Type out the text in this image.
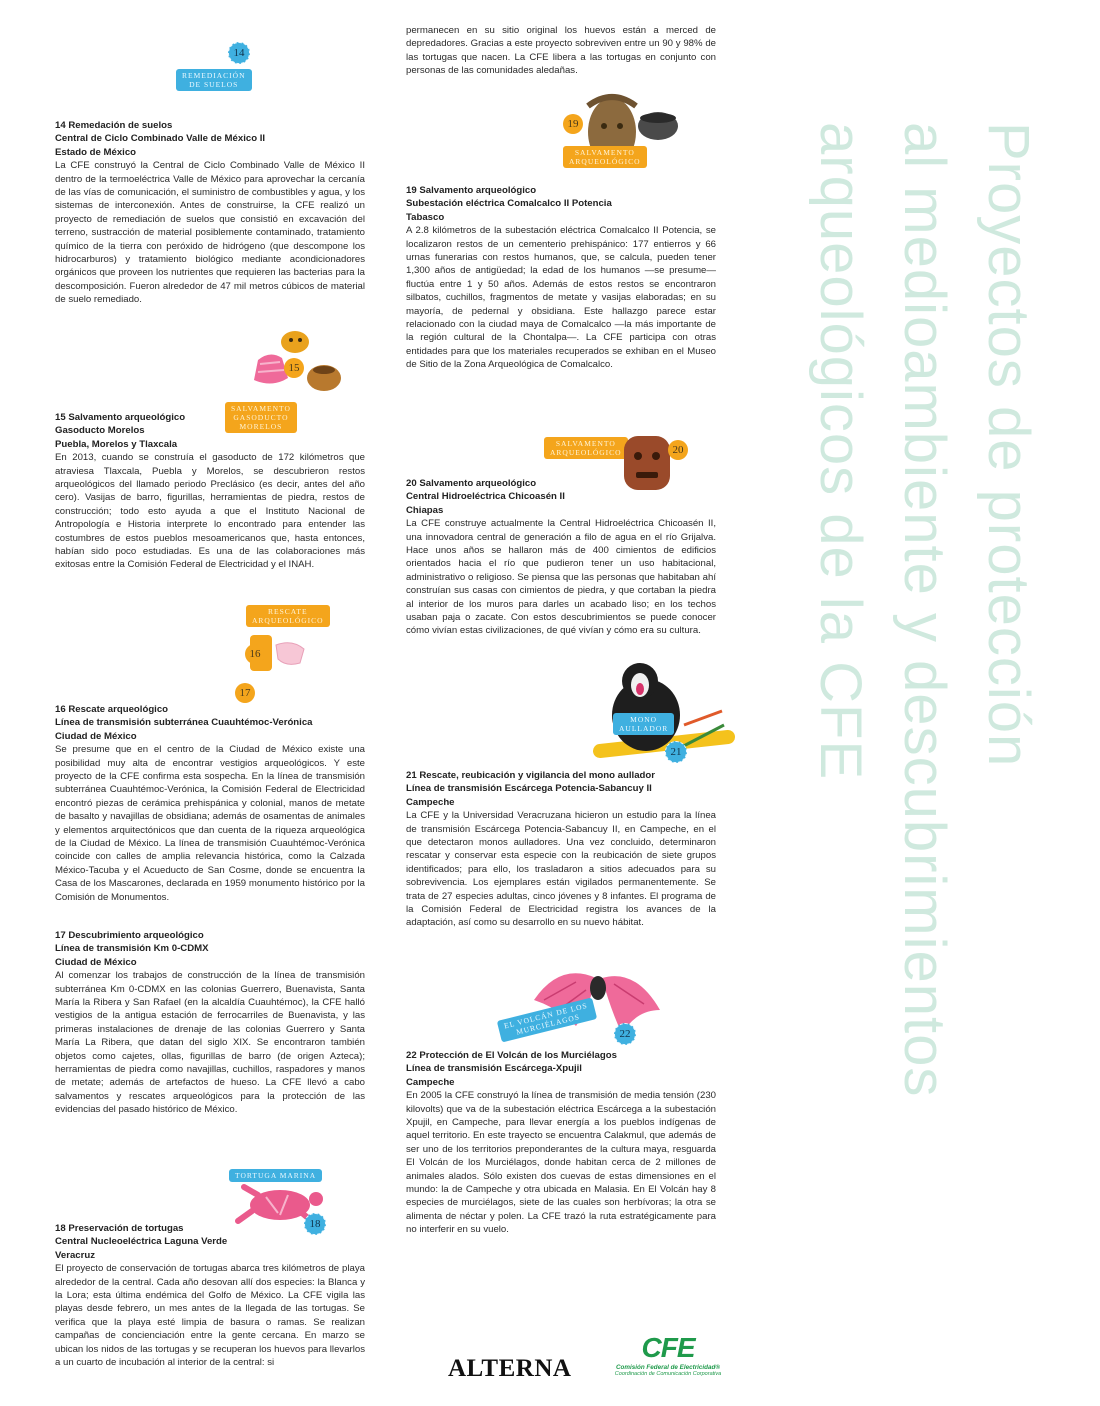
Proyectos de protección
al medioambiente y descubrimientos
arqueológicos de la CFE
14
REMEDIACIÓN
DE SUELOS
14 Remedación de suelos
Central de Ciclo Combinado Valle de México II
Estado de México
La CFE construyó la Central de Ciclo Combinado Valle de México II dentro de la termoeléctrica Valle de México para aprovechar la cercanía de las vías de comunicación, el suministro de combustibles y agua, y los sistemas de interconexión. Antes de construirse, la CFE realizó un proyecto de remediación de suelos que consistió en excavación del terreno, sustracción de material posiblemente contaminado, tratamiento químico de la tierra con peróxido de hidrógeno (que descompone los hidrocarburos) y tratamiento biológico mediante acondicionadores orgánicos que proveen los nutrientes que requieren las bacterias para la descomposición. Fueron alrededor de 47 mil metros cúbicos de material de suelo remediado.
15
SALVAMENTO
GASODUCTO
MORELOS
15 Salvamento arqueológico
Gasoducto Morelos
Puebla, Morelos y Tlaxcala
En 2013, cuando se construía el gasoducto de 172 kilómetros que atraviesa Tlaxcala, Puebla y Morelos, se descubrieron restos arqueológicos del llamado periodo Preclásico (es decir, antes del año cero). Vasijas de barro, figurillas, herramientas de piedra, restos de construcción; todo esto ayuda a que el Instituto Nacional de Antropología e Historia interprete lo encontrado para entender las costumbres de estos pueblos mesoamericanos que, hasta entonces, habían sido poco estudiadas. Es una de las colaboraciones más exitosas entre la Comisión Federal de Electricidad y el INAH.
RESCATE
ARQUEOLÓGICO
16
17
16 Rescate arqueológico
Línea de transmisión subterránea Cuauhtémoc-Verónica
Ciudad de México
Se presume que en el centro de la Ciudad de México existe una posibilidad muy alta de encontrar vestigios arqueológicos. Y este proyecto de la CFE confirma esta sospecha. En la línea de transmisión subterránea Cuauhtémoc-Verónica, la Comisión Federal de Electricidad encontró piezas de cerámica prehispánica y colonial, manos de metate de basalto y navajillas de obsidiana; además de osamentas de animales y elementos arquitectónicos que dan cuenta de la riqueza arqueológica de la Ciudad de México. La línea de transmisión Cuauhtémoc-Verónica coincide con calles de amplia relevancia histórica, como la Calzada México-Tacuba y el Acueducto de San Cosme, donde se encuentra la Casa de los Mascarones, declarada en 1959 monumento histórico por la Comisión de Monumentos.
17 Descubrimiento arqueológico
Línea de transmisión Km 0-CDMX
Ciudad de México
Al comenzar los trabajos de construcción de la línea de transmisión subterránea Km 0-CDMX en las colonias Guerrero, Buenavista, Santa María la Ribera y San Rafael (en la alcaldía Cuauhtémoc), la CFE halló vestigios de la antigua estación de ferrocarriles de Buenavista, y las primeras instalaciones de drenaje de las colonias Guerrero y Santa María La Ribera, que datan del siglo XIX. Se encontraron también objetos como cajetes, ollas, figurillas de barro (de origen Azteca); herramientas de piedra como navajillas, cuchillos, raspadores y manos de metate; además de artefactos de hueso. La CFE llevó a cabo salvamentos y rescates arqueológicos para la protección de las evidencias del pasado histórico de México.
TORTUGA MARINA
18
18 Preservación de tortugas
Central Nucleoeléctrica Laguna Verde
Veracruz
El proyecto de conservación de tortugas abarca tres kilómetros de playa alrededor de la central. Cada año desovan allí dos especies: la Blanca y la Lora; esta última endémica del Golfo de México. La CFE vigila las playas desde febrero, un mes antes de la llegada de las tortugas. Se verifica que la playa esté limpia de basura o ramas. Se realizan campañas de concienciación entre la gente cercana. En marzo se ubican los nidos de las tortugas y se recuperan los huevos para llevarlos a un cuarto de incubación al interior de la central: si
permanecen en su sitio original los huevos están a merced de depredadores. Gracias a este proyecto sobreviven entre un 90 y 98% de las tortugas que nacen. La CFE libera a las tortugas en conjunto con personas de las comunidades aledañas.
19
SALVAMENTO
ARQUEOLÓGICO
19 Salvamento arqueológico
Subestación eléctrica Comalcalco II Potencia
Tabasco
A 2.8 kilómetros de la subestación eléctrica Comalcalco II Potencia, se localizaron restos de un cementerio prehispánico: 177 entierros y 66 urnas funerarias con restos humanos, que, se calcula, pueden tener 1,300 años de antigüedad; la edad de los humanos —se presume— fluctúa entre 1 y 50 años. Además de estos restos se encontraron silbatos, cuchillos, fragmentos de metate y vasijas elaboradas; en su mayoría, de pedernal y obsidiana. Este hallazgo parece estar relacionado con la ciudad maya de Comalcalco —la más importante de la región cultural de la Chontalpa—. La CFE participa con otras entidades para que los materiales recuperados se exhiban en el Museo de Sitio de la Zona Arqueológica de Comalcalco.
SALVAMENTO
ARQUEOLÓGICO	20
20 Salvamento arqueológico
Central Hidroeléctrica Chicoasén II
Chiapas
La CFE construye actualmente la Central Hidroeléctrica Chicoasén II, una innovadora central de generación a filo de agua en el río Grijalva. Hace unos años se hallaron más de 400 cimientos de edificios orientados hacia el río que pudieron tener un uso habitacional, administrativo o religioso. Se piensa que las personas que habitaban ahí construían sus casas con cimientos de piedra, y que cortaban la piedra al interior de los muros para darles un acabado liso; en los techos usaban paja o zacate. Con estos descubrimientos se puede conocer cómo vivían estas civilizaciones, de qué vivían y cómo era su cultura.
MONO
AULLADOR
21
21 Rescate, reubicación y vigilancia del mono aullador
Línea de transmisión Escárcega Potencia-Sabancuy II
Campeche
La CFE y la Universidad Veracruzana hicieron un estudio para la línea de transmisión Escárcega Potencia-Sabancuy II, en Campeche, en el que detectaron monos aulladores. Una vez concluido, determinaron rescatar y conservar esta especie con la reubicación de siete grupos identificados; para ello, los trasladaron a sitios adecuados para su sobrevivencia. Los ejemplares están vigilados permanentemente. Se trata de 27 especies adultas, cinco jóvenes y 8 infantes. El programa de la Comisión Federal de Electricidad registra los avances de la adaptación, así como su desarrollo en su nuevo hábitat.
EL VOLCÁN DE LOS
MURCIÉLAGOS	22
22 Protección de El Volcán de los Murciélagos
Línea de transmisión Escárcega-Xpujil
Campeche
En 2005 la CFE construyó la línea de transmisión de media tensión (230 kilovolts) que va de la subestación eléctrica Escárcega a la subestación Xpujil, en Campeche, para llevar energía a los pueblos indígenas de aquel territorio. En este trayecto se encuentra Calakmul, que además de ser uno de los territorios preponderantes de la cultura maya, resguarda El Volcán de los Murciélagos, donde habitan cerca de 2 millones de animales alados. Sólo existen dos cuevas de estas dimensiones en el mundo: la de Campeche y otra ubicada en Malasia. En El Volcán hay 8 especies de murciélagos, siete de las cuales son herbívoras; la otra se alimenta de néctar y polen. La CFE trazó la ruta estratégicamente para no interferir en su vuelo.
ALTERNA
CFE
Comisión Federal de Electricidad®
Coordinación de Comunicación Corporativa
